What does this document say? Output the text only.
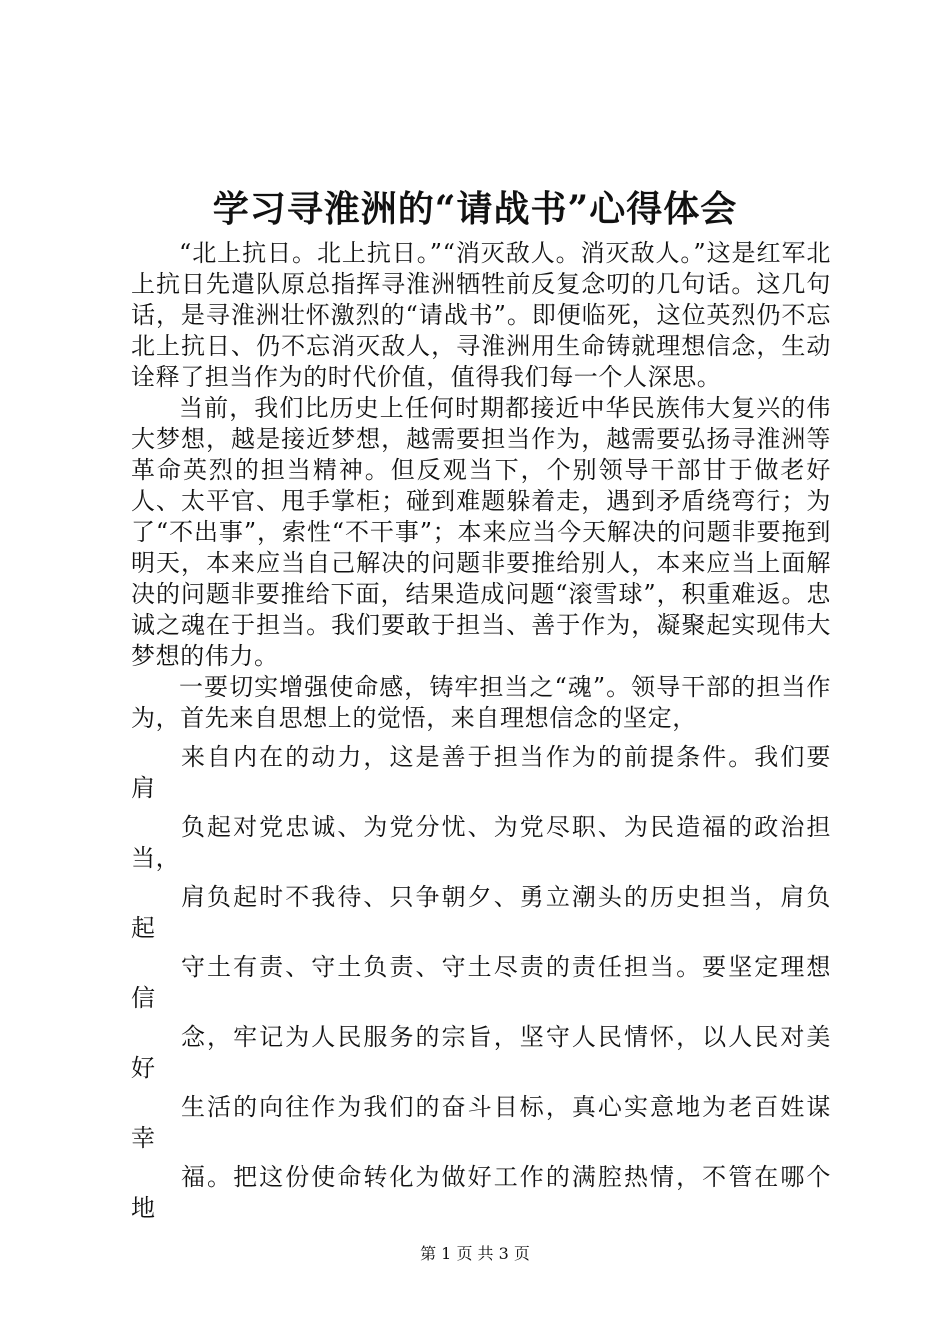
学习寻淮洲的“请战书”心得体会

“北上抗日。北上抗日。”“消灭敌人。消灭敌人。”这是红军北上抗日先遣队原总指挥寻淮洲牺牲前反复念叨的几句话。这几句话，是寻淮洲壮怀激烈的“请战书”。即便临死，这位英烈仍不忘北上抗日、仍不忘消灭敌人，寻淮洲用生命铸就理想信念，生动诠释了担当作为的时代价值，值得我们每一个人深思。

当前，我们比历史上任何时期都接近中华民族伟大复兴的伟大梦想，越是接近梦想，越需要担当作为，越需要弘扬寻淮洲等革命英烈的担当精神。但反观当下，个别领导干部甘于做老好人、太平官、甩手掌柜；碰到难题躲着走，遇到矛盾绕弯行；为了“不出事”，索性“不干事”；本来应当今天解决的问题非要拖到明天，本来应当自己解决的问题非要推给别人，本来应当上面解决的问题非要推给下面，结果造成问题“滚雪球”，积重难返。忠诚之魂在于担当。我们要敢于担当、善于作为，凝聚起实现伟大梦想的伟力。

一要切实增强使命感，铸牢担当之“魂”。领导干部的担当作为，首先来自思想上的觉悟，来自理想信念的坚定，

来自内在的动力，这是善于担当作为的前提条件。我们要
肩

负起对党忠诚、为党分忧、为党尽职、为民造福的政治担
当，

肩负起时不我待、只争朝夕、勇立潮头的历史担当，肩负
起

守土有责、守土负责、守土尽责的责任担当。要坚定理想
信

念，牢记为人民服务的宗旨，坚守人民情怀，以人民对美
好

生活的向往作为我们的奋斗目标，真心实意地为老百姓谋
幸

福。把这份使命转化为做好工作的满腔热情，不管在哪个
地

第 1 页 共 3 页
